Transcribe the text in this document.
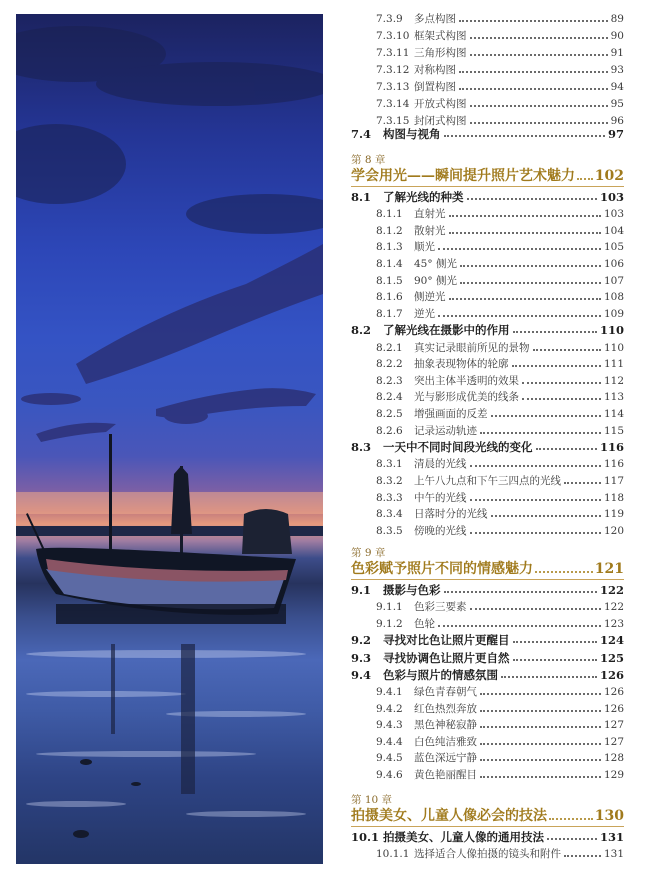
7.3.9	多点构图	89
7.3.10 框架式构图	90
7.3.11 三角形构图	91
7.3.12 对称构图	93
7.3.13 倒置构图	94
7.3.14 开放式构图	95
7.3.15 封闭式构图	96
7.4	构图与视角	97
第 8 章
学会用光——瞬间提升照片艺术魅力 102
8.1	了解光线的种类	103
8.1.1	直射光	103
8.1.2	散射光	104
8.1.3	顺光	105
8.1.4	45° 侧光	106
8.1.5	90° 侧光	107
8.1.6	侧逆光	108
8.1.7	逆光	109
8.2	了解光线在摄影中的作用	110
8.2.1	真实记录眼前所见的景物	110
8.2.2	抽象表现物体的轮廓	111
8.2.3	突出主体半透明的效果	112
8.2.4	光与影形成优美的线条	113
8.2.5	增强画面的反差	114
8.2.6	记录运动轨迹	115
8.3	一天中不同时间段光线的变化	116
8.3.1	清晨的光线	116
8.3.2	上午八九点和下午三四点的光线	117
8.3.3	中午的光线	118
8.3.4	日落时分的光线	119
8.3.5	傍晚的光线	120
第 9 章
色彩赋予照片不同的情感魅力	121
9.1	摄影与色彩	122
9.1.1	色彩三要素	122
9.1.2	色轮	123
9.2	寻找对比色让照片更醒目	124
9.3	寻找协调色让照片更自然	125
9.4	色彩与照片的情感氛围	126
9.4.1	绿色青春朝气	126
9.4.2	红色热烈奔放	126
9.4.3	黑色神秘寂静	127
9.4.4	白色纯洁雅致	127
9.4.5	蓝色深远宁静	128
9.4.6	黄色艳丽醒目	129
第 10 章
拍摄美女、儿童人像必会的技法	130
10.1 拍摄美女、儿童人像的通用技法	131
10.1.1 选择适合人像拍摄的镜头和附件	131
